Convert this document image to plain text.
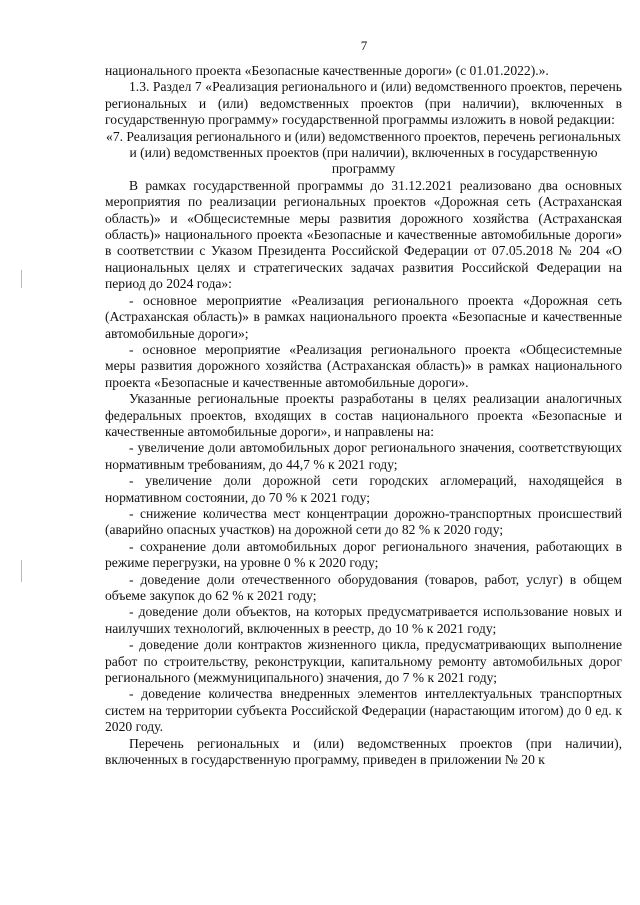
7

национального проекта «Безопасные качественные дороги» (с 01.01.2022).».

1.3. Раздел 7 «Реализация регионального и (или) ведомственного проектов, перечень региональных и (или) ведомственных проектов (при наличии), включенных в государственную программу» государственной программы изложить в новой редакции:

«7. Реализация регионального и (или) ведомственного проектов, перечень региональных и (или) ведомственных проектов (при наличии), включенных в государственную программу

В рамках государственной программы до 31.12.2021 реализовано два основных мероприятия по реализации региональных проектов «Дорожная сеть (Астраханская область)» и «Общесистемные меры развития дорожного хозяйства (Астраханская область)» национального проекта «Безопасные и качественные автомобильные дороги» в соответствии с Указом Президента Российской Федерации от 07.05.2018 № 204 «О национальных целях и стратегических задачах развития Российской Федерации на период до 2024 года»:

- основное мероприятие «Реализация регионального проекта «Дорожная сеть (Астраханская область)» в рамках национального проекта «Безопасные и качественные автомобильные дороги»;

- основное мероприятие «Реализация регионального проекта «Общесистемные меры развития дорожного хозяйства (Астраханская область)» в рамках национального проекта «Безопасные и качественные автомобильные дороги».

Указанные региональные проекты разработаны в целях реализации аналогичных федеральных проектов, входящих в состав национального проекта «Безопасные и качественные автомобильные дороги», и направлены на:

- увеличение доли автомобильных дорог регионального значения, соответствующих нормативным требованиям, до 44,7 % к 2021 году;

- увеличение доли дорожной сети городских агломераций, находящейся в нормативном состоянии, до 70 % к 2021 году;

- снижение количества мест концентрации дорожно-транспортных происшествий (аварийно опасных участков) на дорожной сети до 82 % к 2020 году;

- сохранение доли автомобильных дорог регионального значения, работающих в режиме перегрузки, на уровне 0 % к 2020 году;

- доведение доли отечественного оборудования (товаров, работ, услуг) в общем объеме закупок до 62 % к 2021 году;

- доведение доли объектов, на которых предусматривается использование новых и наилучших технологий, включенных в реестр, до 10 % к 2021 году;

- доведение доли контрактов жизненного цикла, предусматривающих выполнение работ по строительству, реконструкции, капитальному ремонту автомобильных дорог регионального (межмуниципального) значения, до 7 % к 2021 году;

- доведение количества внедренных элементов интеллектуальных транспортных систем на территории субъекта Российской Федерации (нарастающим итогом) до 0 ед. к 2020 году.

Перечень региональных и (или) ведомственных проектов (при наличии), включенных в государственную программу, приведен в приложении № 20 к
